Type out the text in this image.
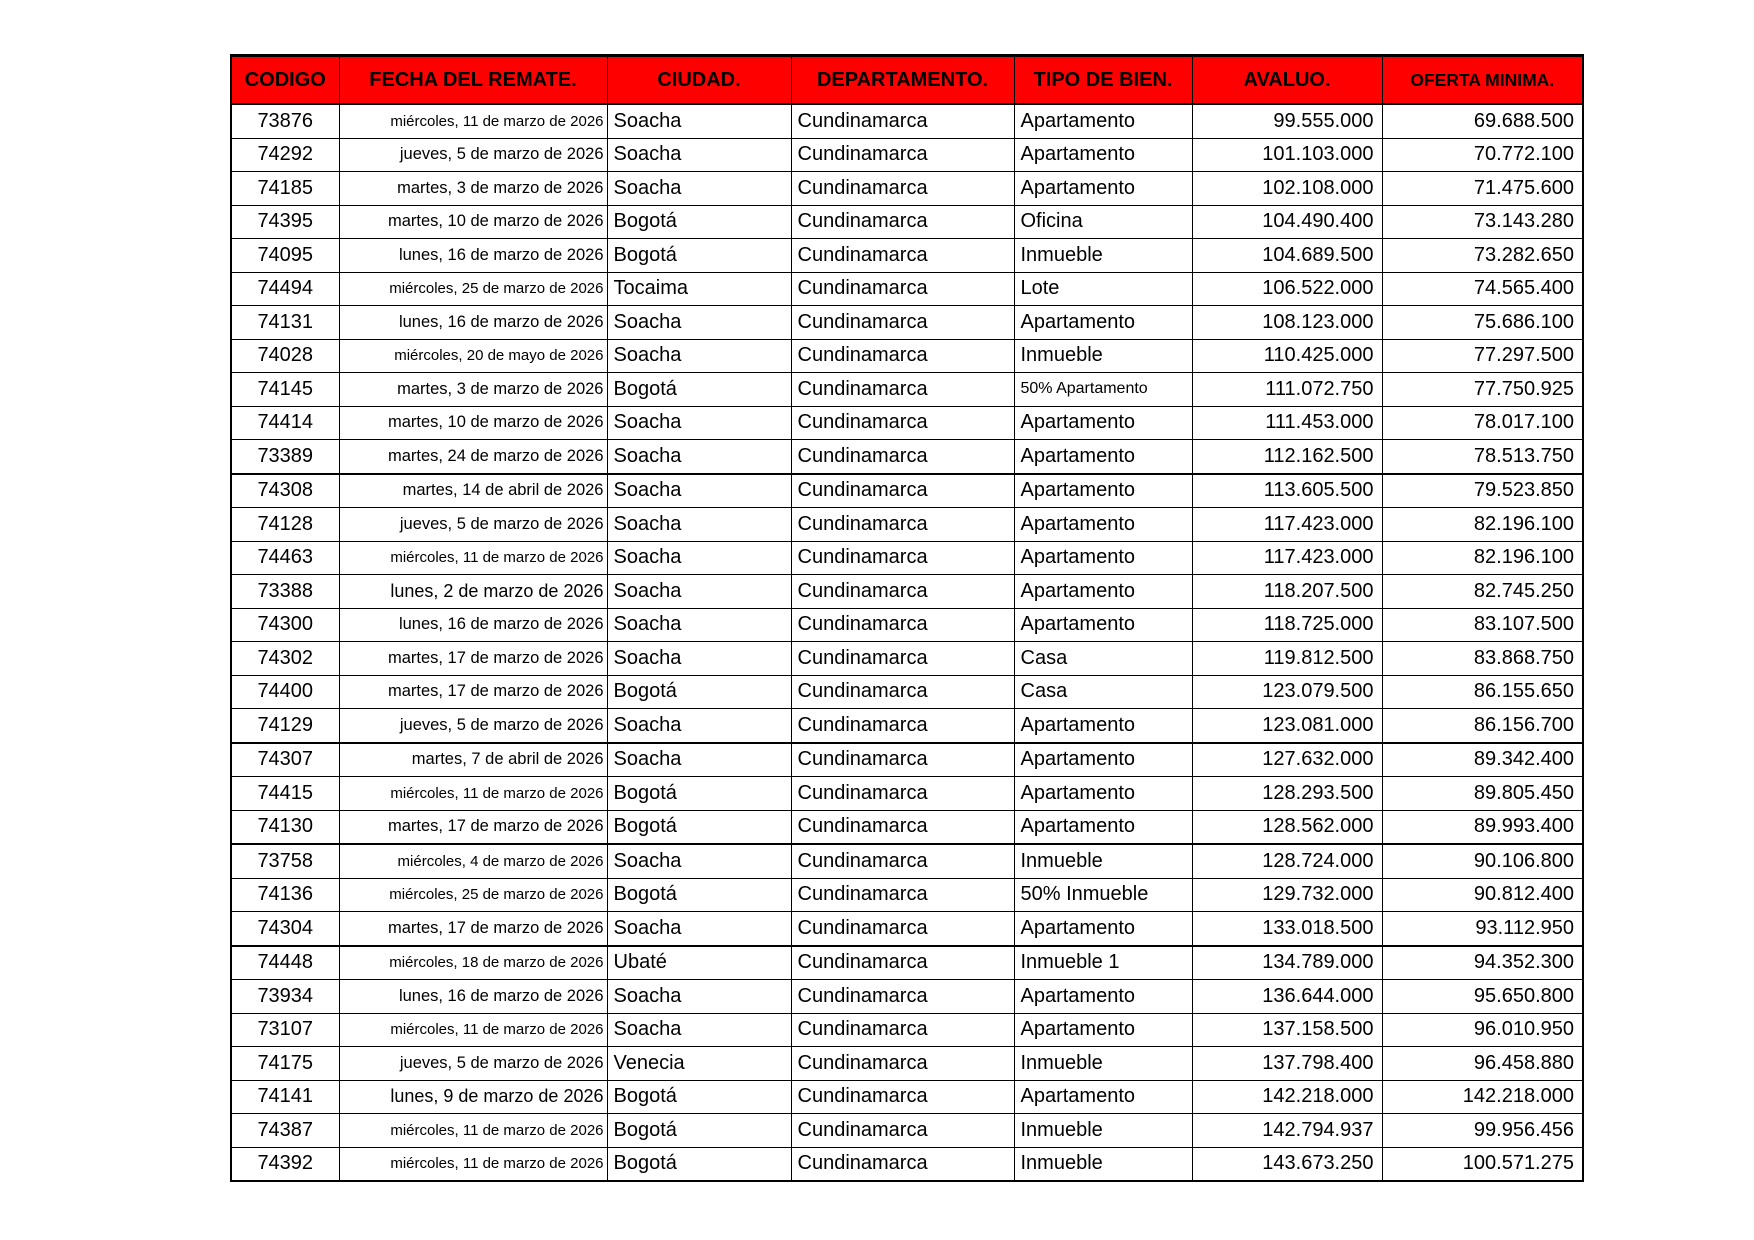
CODIGO	FECHA DEL REMATE.	CIUDAD.	DEPARTAMENTO.	TIPO DE BIEN.	AVALUO.	OFERTA MINIMA.
73876	miércoles, 11 de marzo de 2026	Soacha	Cundinamarca	Apartamento	99.555.000	69.688.500
74292	jueves, 5 de marzo de 2026	Soacha	Cundinamarca	Apartamento	101.103.000	70.772.100
74185	martes, 3 de marzo de 2026	Soacha	Cundinamarca	Apartamento	102.108.000	71.475.600
74395	martes, 10 de marzo de 2026	Bogotá	Cundinamarca	Oficina	104.490.400	73.143.280
74095	lunes, 16 de marzo de 2026	Bogotá	Cundinamarca	Inmueble	104.689.500	73.282.650
74494	miércoles, 25 de marzo de 2026	Tocaima	Cundinamarca	Lote	106.522.000	74.565.400
74131	lunes, 16 de marzo de 2026	Soacha	Cundinamarca	Apartamento	108.123.000	75.686.100
74028	miércoles, 20 de mayo de 2026	Soacha	Cundinamarca	Inmueble	110.425.000	77.297.500
74145	martes, 3 de marzo de 2026	Bogotá	Cundinamarca	50% Apartamento	111.072.750	77.750.925
74414	martes, 10 de marzo de 2026	Soacha	Cundinamarca	Apartamento	111.453.000	78.017.100
73389	martes, 24 de marzo de 2026	Soacha	Cundinamarca	Apartamento	112.162.500	78.513.750
74308	martes, 14 de abril de 2026	Soacha	Cundinamarca	Apartamento	113.605.500	79.523.850
74128	jueves, 5 de marzo de 2026	Soacha	Cundinamarca	Apartamento	117.423.000	82.196.100
74463	miércoles, 11 de marzo de 2026	Soacha	Cundinamarca	Apartamento	117.423.000	82.196.100
73388	lunes, 2 de marzo de 2026	Soacha	Cundinamarca	Apartamento	118.207.500	82.745.250
74300	lunes, 16 de marzo de 2026	Soacha	Cundinamarca	Apartamento	118.725.000	83.107.500
74302	martes, 17 de marzo de 2026	Soacha	Cundinamarca	Casa	119.812.500	83.868.750
74400	martes, 17 de marzo de 2026	Bogotá	Cundinamarca	Casa	123.079.500	86.155.650
74129	jueves, 5 de marzo de 2026	Soacha	Cundinamarca	Apartamento	123.081.000	86.156.700
74307	martes, 7 de abril de 2026	Soacha	Cundinamarca	Apartamento	127.632.000	89.342.400
74415	miércoles, 11 de marzo de 2026	Bogotá	Cundinamarca	Apartamento	128.293.500	89.805.450
74130	martes, 17 de marzo de 2026	Bogotá	Cundinamarca	Apartamento	128.562.000	89.993.400
73758	miércoles, 4 de marzo de 2026	Soacha	Cundinamarca	Inmueble	128.724.000	90.106.800
74136	miércoles, 25 de marzo de 2026	Bogotá	Cundinamarca	50% Inmueble	129.732.000	90.812.400
74304	martes, 17 de marzo de 2026	Soacha	Cundinamarca	Apartamento	133.018.500	93.112.950
74448	miércoles, 18 de marzo de 2026	Ubaté	Cundinamarca	Inmueble 1	134.789.000	94.352.300
73934	lunes, 16 de marzo de 2026	Soacha	Cundinamarca	Apartamento	136.644.000	95.650.800
73107	miércoles, 11 de marzo de 2026	Soacha	Cundinamarca	Apartamento	137.158.500	96.010.950
74175	jueves, 5 de marzo de 2026	Venecia	Cundinamarca	Inmueble	137.798.400	96.458.880
74141	lunes, 9 de marzo de 2026	Bogotá	Cundinamarca	Apartamento	142.218.000	142.218.000
74387	miércoles, 11 de marzo de 2026	Bogotá	Cundinamarca	Inmueble	142.794.937	99.956.456
74392	miércoles, 11 de marzo de 2026	Bogotá	Cundinamarca	Inmueble	143.673.250	100.571.275
